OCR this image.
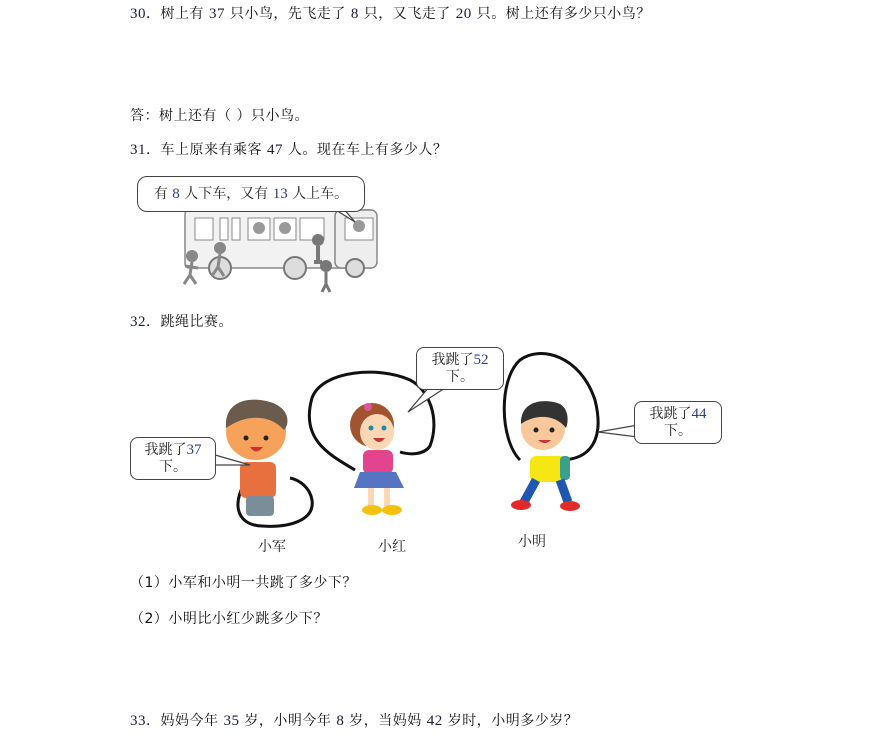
30．树上有 37 只小鸟，先飞走了 8 只，又飞走了 20 只。树上还有多少只小鸟？
答：树上还有（ ）只小鸟。
31．车上原来有乘客 47 人。现在车上有多少人？
有 8 人下车，又有 13 人上车。
32．跳绳比赛。
我跳了37
下。
我跳了52
下。
我跳了44
下。
小军	小红	小明
（1）小军和小明一共跳了多少下？
（2）小明比小红少跳多少下？
33．妈妈今年 35 岁，小明今年 8 岁，当妈妈 42 岁时，小明多少岁？
